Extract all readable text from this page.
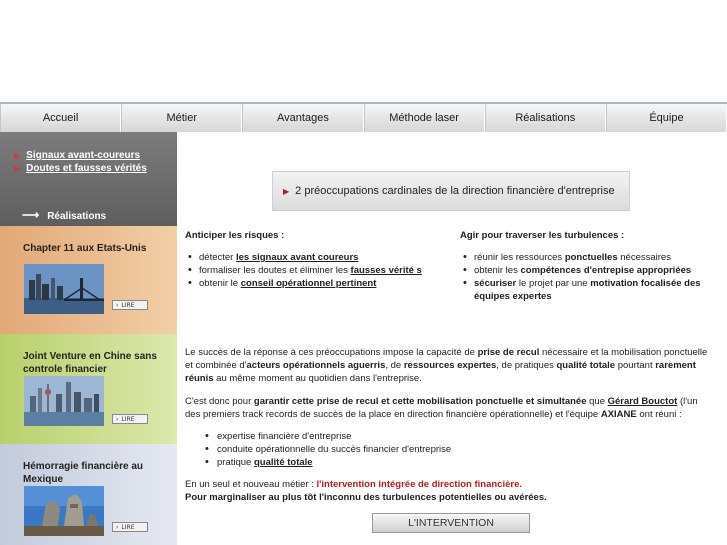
Accueil	Métier	Avantages	Méthode laser	Réalisations	Équipe
▶ Signaux avant-coureurs
▶ Doutes et fausses vérités
⟶ Réalisations
Chapter 11 aux Etats-Unis
› LIRE
Joint Venture en Chine sans controle financier
› LIRE
Hémorragie financière au Mexique
› LIRE
▶ 2 préoccupations cardinales de la direction financière d'entreprise
Anticiper les risques :
• détecter les signaux avant coureurs
• formaliser les doutes et éliminer les fausses vérité s
• obtenir le conseil opérationnel pertinent
Agir pour traverser les turbulences :
• réunir les ressources ponctuelles nécessaires
• obtenir les compétences d'entrepise appropriées
• sécuriser le projet par une motivation focalisée des équipes expertes
Le succès de la réponse à ces préoccupations impose la capacité de prise de recul nécessaire et la mobilisation ponctuelle et combinée d'acteurs opérationnels aguerris, de ressources expertes, de pratiques qualité totale pourtant rarement réunis au même moment au quotidien dans l'entreprise.
C'est donc pour garantir cette prise de recul et cette mobilisation ponctuelle et simultanée que Gérard Bouctot (l'un des premiers track records de succès de la place en direction financière opérationnelle) et l'équipe AXIANE ont réuni :
• expertise financière d'entreprise
• conduite opérationnelle du succès financier d'entreprise
• pratique qualité totale
En un seul et nouveau métier : l'intervention intégrée de direction financière.
Pour marginaliser au plus tôt l'inconnu des turbulences potentielles ou avérées.
L'INTERVENTION
